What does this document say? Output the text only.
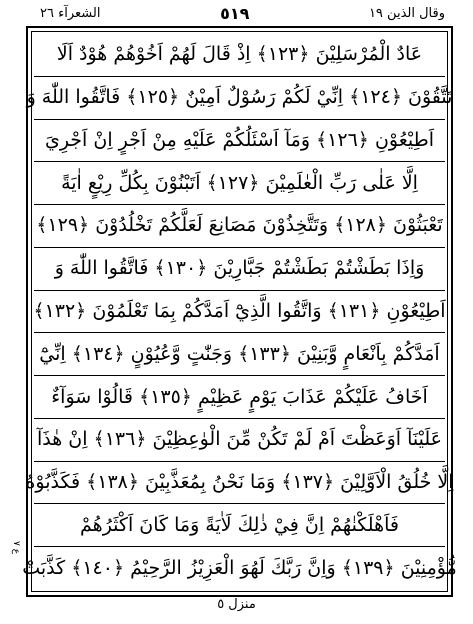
وقال الذين ١٩
٥١٩
الشعرآء ٢٦
عَادٌ الْمُرْسَلِيْنَ ﴿١٢٣﴾ اِذْ قَالَ لَهُمْ اَخُوْهُمْ هُوْدٌ اَلَا
تَتَّقُوْنَ ﴿١٢٤﴾ اِنِّيْ لَكُمْ رَسُوْلٌ اَمِيْنٌ ﴿١٢٥﴾ فَاتَّقُوا اللّٰهَ وَ
اَطِيْعُوْنِ ﴿١٢٦﴾ وَمَآ اَسْئَلُكُمْ عَلَيْهِ مِنْ اَجْرٍ اِنْ اَجْرِيَ
اِلَّا عَلٰى رَبِّ الْعٰلَمِيْنَ ﴿١٢٧﴾ اَتَبْنُوْنَ بِكُلِّ رِيْعٍ اٰيَةً
تَعْبَثُوْنَ ﴿١٢٨﴾ وَتَتَّخِذُوْنَ مَصَانِعَ لَعَلَّكُمْ تَخْلُدُوْنَ ﴿١٢٩﴾
وَاِذَا بَطَشْتُمْ بَطَشْتُمْ جَبَّارِيْنَ ﴿١٣٠﴾ فَاتَّقُوا اللّٰهَ وَ
اَطِيْعُوْنِ ﴿١٣١﴾ وَاتَّقُوا الَّذِيْٓ اَمَدَّكُمْ بِمَا تَعْلَمُوْنَ ﴿١٣٢﴾
اَمَدَّكُمْ بِاَنْعَامٍ وَّبَنِيْنَ ﴿١٣٣﴾ وَجَنّٰتٍ وَّعُيُوْنٍ ﴿١٣٤﴾ اِنِّيْٓ
اَخَافُ عَلَيْكُمْ عَذَابَ يَوْمٍ عَظِيْمٍ ﴿١٣٥﴾ قَالُوْا سَوَآءٌ
عَلَيْنَآ اَوَعَظْتَ اَمْ لَمْ تَكُنْ مِّنَ الْوٰعِظِيْنَ ﴿١٣٦﴾ اِنْ هٰذَآ
اِلَّا خُلُقُ الْاَوَّلِيْنَ ﴿١٣٧﴾ وَمَا نَحْنُ بِمُعَذَّبِيْنَ ﴿١٣٨﴾ فَكَذَّبُوْهُ
فَاَهْلَكْنٰهُمْ اِنَّ فِيْ ذٰلِكَ لَاٰيَةً وَمَا كَانَ اَكْثَرُهُمْ
مُّؤْمِنِيْنَ ﴿١٣٩﴾ وَاِنَّ رَبَّكَ لَهُوَ الْعَزِيْزُ الرَّحِيْمُ ﴿١٤٠﴾ كَذَّبَتْ
ع ٧
منزل ٥
